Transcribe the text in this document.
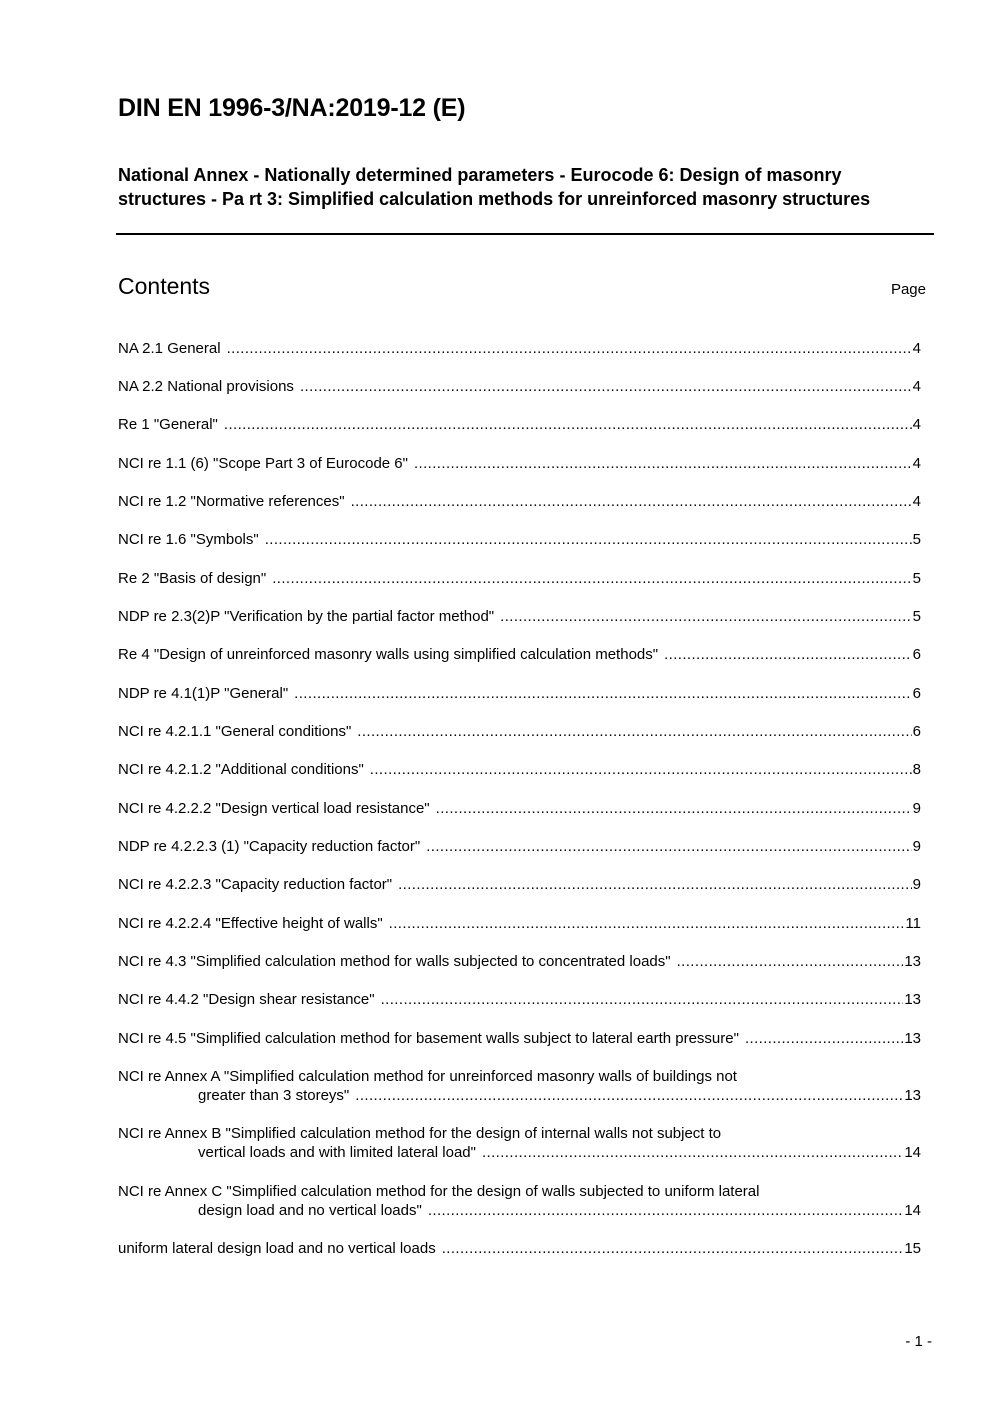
DIN EN 1996-3/NA:2019-12 (E)
National Annex - Nationally determined parameters - Eurocode 6: Design of masonry structures - Pa rt 3: Simplified calculation methods for unreinforced masonry structures
Contents	Page
NA 2.1 General .....	4
NA 2.2 National provisions .....	4
Re 1 "General" .....	4
NCI re 1.1 (6) "Scope Part 3 of Eurocode 6" .....	4
NCI re 1.2 "Normative references" .....	4
NCI re 1.6 "Symbols" .....	5
Re 2 "Basis of design" .....	5
NDP re 2.3(2)P "Verification by the partial factor method" .....	5
Re 4 "Design of unreinforced masonry walls using simplified calculation methods" .....	6
NDP re 4.1(1)P "General" .....	6
NCI re 4.2.1.1 "General conditions" .....	6
NCI re 4.2.1.2 "Additional conditions" .....	8
NCI re 4.2.2.2 "Design vertical load resistance" .....	9
NDP re 4.2.2.3 (1) "Capacity reduction factor" .....	9
NCI re 4.2.2.3 "Capacity reduction factor" .....	9
NCI re 4.2.2.4 "Effective height of walls" .....	11
NCI re 4.3 "Simplified calculation method for walls subjected to concentrated loads" .....	13
NCI re 4.4.2 "Design shear resistance" .....	13
NCI re 4.5 "Simplified calculation method for basement walls subject to lateral earth pressure" .....	13
NCI re Annex A "Simplified calculation method for unreinforced masonry walls of buildings not
greater than 3 storeys" .....	13
NCI re Annex B "Simplified calculation method for the design of internal walls not subject to
vertical loads and with limited lateral load" .....	14
NCI re Annex C "Simplified calculation method for the design of walls subjected to uniform lateral
design load and no vertical loads" .....	14
uniform lateral design load and no vertical loads .....	15
- 1 -
